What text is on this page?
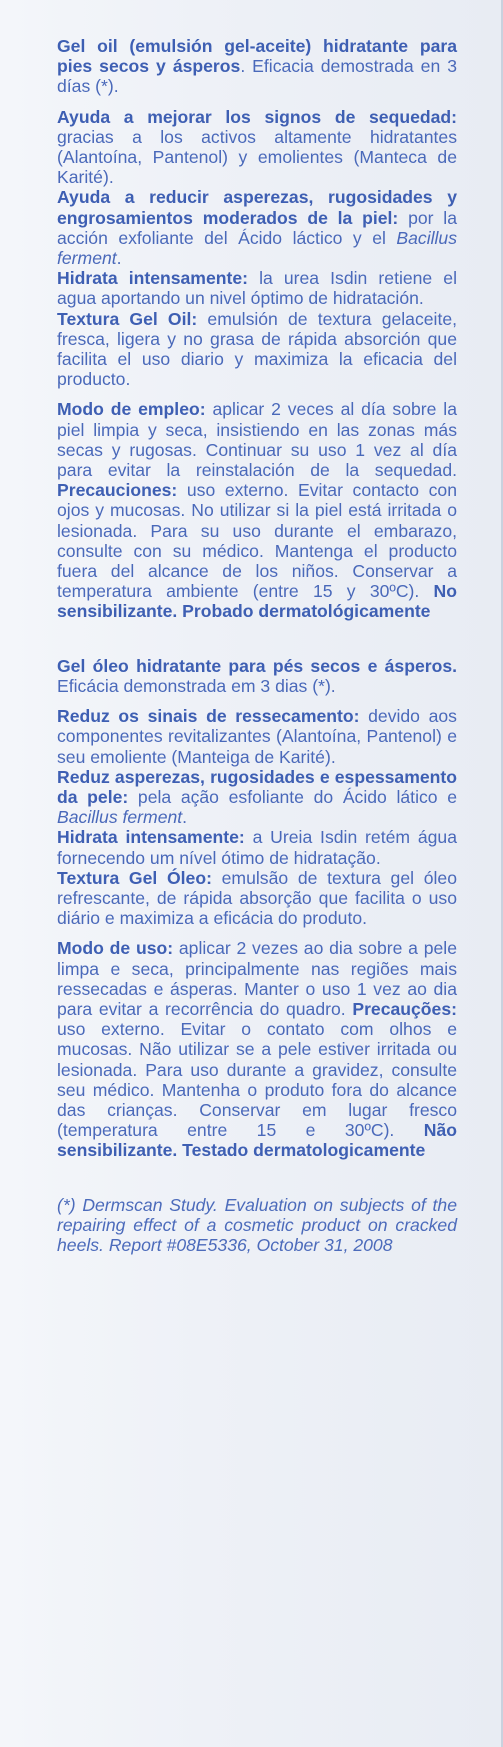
Gel oil (emulsión gel-aceite) hidratante para pies secos y ásperos. Eficacia demostrada en 3 días (*).

Ayuda a mejorar los signos de sequedad: gracias a los activos altamente hidratantes (Alantoína, Pantenol) y emolientes (Manteca de Karité).

Ayuda a reducir asperezas, rugosidades y engrosamientos moderados de la piel: por la acción exfoliante del Ácido láctico y el Bacillus ferment.

Hidrata intensamente: la urea Isdin retiene el agua aportando un nivel óptimo de hidratación.

Textura Gel Oil: emulsión de textura gelaceite, fresca, ligera y no grasa de rápida absorción que facilita el uso diario y maximiza la eficacia del producto.

Modo de empleo: aplicar 2 veces al día sobre la piel limpia y seca, insistiendo en las zonas más secas y rugosas. Continuar su uso 1 vez al día para evitar la reinstalación de la sequedad. Precauciones: uso externo. Evitar contacto con ojos y mucosas. No utilizar si la piel está irritada o lesionada. Para su uso durante el embarazo, consulte con su médico. Mantenga el producto fuera del alcance de los niños. Conservar a temperatura ambiente (entre 15 y 30ºC). No sensibilizante. Probado dermatológicamente

Gel óleo hidratante para pés secos e ásperos. Eficácia demonstrada em 3 dias (*).

Reduz os sinais de ressecamento: devido aos componentes revitalizantes (Alantoína, Pantenol) e seu emoliente (Manteiga de Karité).

Reduz asperezas, rugosidades e espessamento da pele: pela ação esfoliante do Ácido lático e Bacillus ferment.

Hidrata intensamente: a Ureia Isdin retém água fornecendo um nível ótimo de hidratação.

Textura Gel Óleo: emulsão de textura gel óleo refrescante, de rápida absorção que facilita o uso diário e maximiza a eficácia do produto.

Modo de uso: aplicar 2 vezes ao dia sobre a pele limpa e seca, principalmente nas regiões mais ressecadas e ásperas. Manter o uso 1 vez ao dia para evitar a recorrência do quadro. Precauções: uso externo. Evitar o contato com olhos e mucosas. Não utilizar se a pele estiver irritada ou lesionada. Para uso durante a gravidez, consulte seu médico. Mantenha o produto fora do alcance das crianças. Conservar em lugar fresco (temperatura entre 15 e 30ºC). Não sensibilizante. Testado dermatologicamente

(*) Dermscan Study. Evaluation on subjects of the repairing effect of a cosmetic product on cracked heels. Report #08E5336, October 31, 2008
